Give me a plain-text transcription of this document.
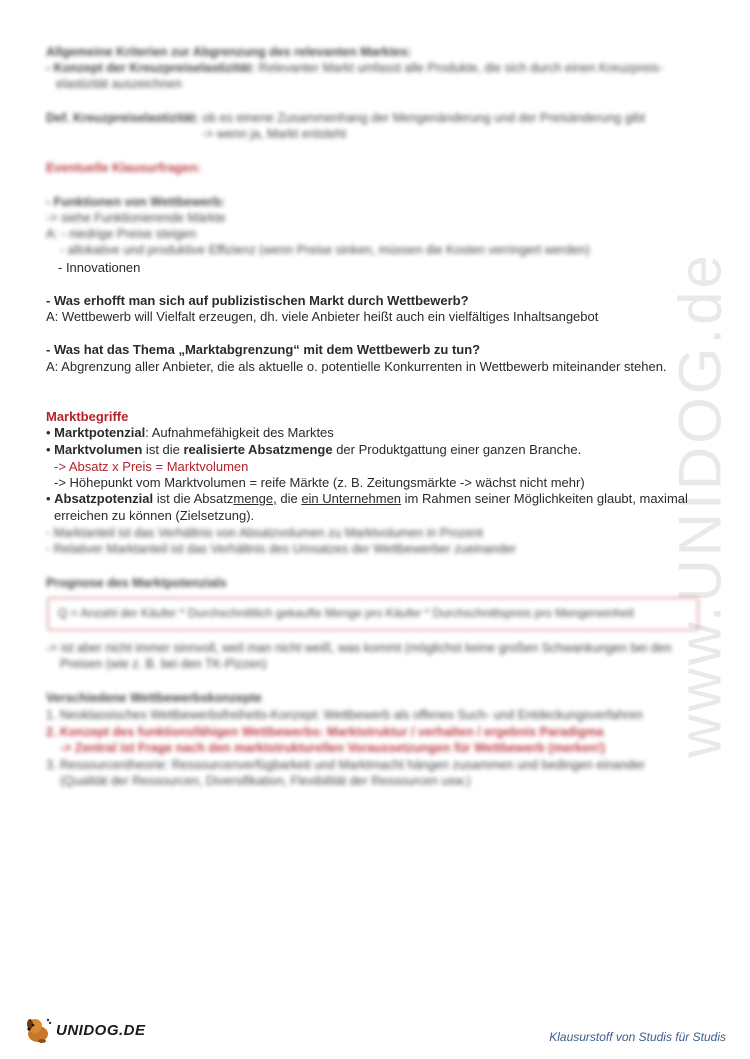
www.UNIDOG.de
Allgemeine Kriterien zur Abgrenzung des relevanten Marktes:
- Konzept der Kreuzpreiselastizität: Relevanter Markt umfasst alle Produkte, die sich durch einen Kreuzpreis-
elastizität auszeichnen
Def. Kreuzpreiselastizität: ob es einene Zusammenhang der Mengenänderung und der Preisänderung gibt
-> wenn ja, Markt entsteht
Eventuelle Klausurfragen:
- Funktionen von Wettbewerb:
-> siehe Funktionierende Märkte
A: - niedrige Preise steigen
- allokative und produktive Effizienz (wenn Preise sinken, müssen die Kosten verringert werden)
- Innovationen
- Was erhofft man sich auf publizistischen Markt durch Wettbewerb?
A: Wettbewerb will Vielfalt erzeugen, dh. viele Anbieter heißt auch ein vielfältiges Inhaltsangebot
- Was hat das Thema „Marktabgrenzung“ mit dem Wettbewerb zu tun?
A: Abgrenzung aller Anbieter, die als aktuelle o. potentielle Konkurrenten in Wettbewerb miteinander stehen.
Marktbegriffe
• Marktpotenzial: Aufnahmefähigkeit des Marktes
• Marktvolumen ist die realisierte Absatzmenge der Produktgattung einer ganzen Branche.
-> Absatz x Preis = Marktvolumen
-> Höhepunkt vom Marktvolumen = reife Märkte (z. B. Zeitungsmärkte -> wächst nicht mehr)
• Absatzpotenzial ist die Absatzmenge, die ein Unternehmen im Rahmen seiner Möglichkeiten glaubt, maximal
erreichen zu können (Zielsetzung).
- Marktanteil ist das Verhältnis von Absatzvolumen zu Marktvolumen in Prozent
- Relativer Marktanteil ist das Verhältnis des Umsatzes der Wettbewerber zueinander
Prognose des Marktpotenzials
Q = Anzahl der Käufer * Durchschnittlich gekaufte Menge pro Käufer * Durchschnittspreis pro Mengeneinheit
-> ist aber nicht immer sinnvoll, weil man nicht weiß, was kommt (möglichst keine großen Schwankungen bei den
Preisen (wie z. B. bei den TK-Pizzen)
Verschiedene Wettbewerbskonzepte
1. Neoklassisches Wettbewerbsfreiheits-Konzept: Wettbewerb als offenes Such- und Entdeckungsverfahren
2. Konzept des funktionsfähigen Wettbewerbs: Marktstruktur / verhalten / ergebnis Paradigma
-> Zentral ist Frage nach den marktstrukturellen Voraussetzungen für Wettbewerb (merken!)
3. Ressourcentheorie: Ressourcenverfügbarkeit und Marktmacht hängen zusammen und bedingen einander
(Qualität der Ressourcen, Diversifikation, Flexibilität der Ressourcen usw.)
UNIDOG.DE	Klausurstoff von Studis für Studis
